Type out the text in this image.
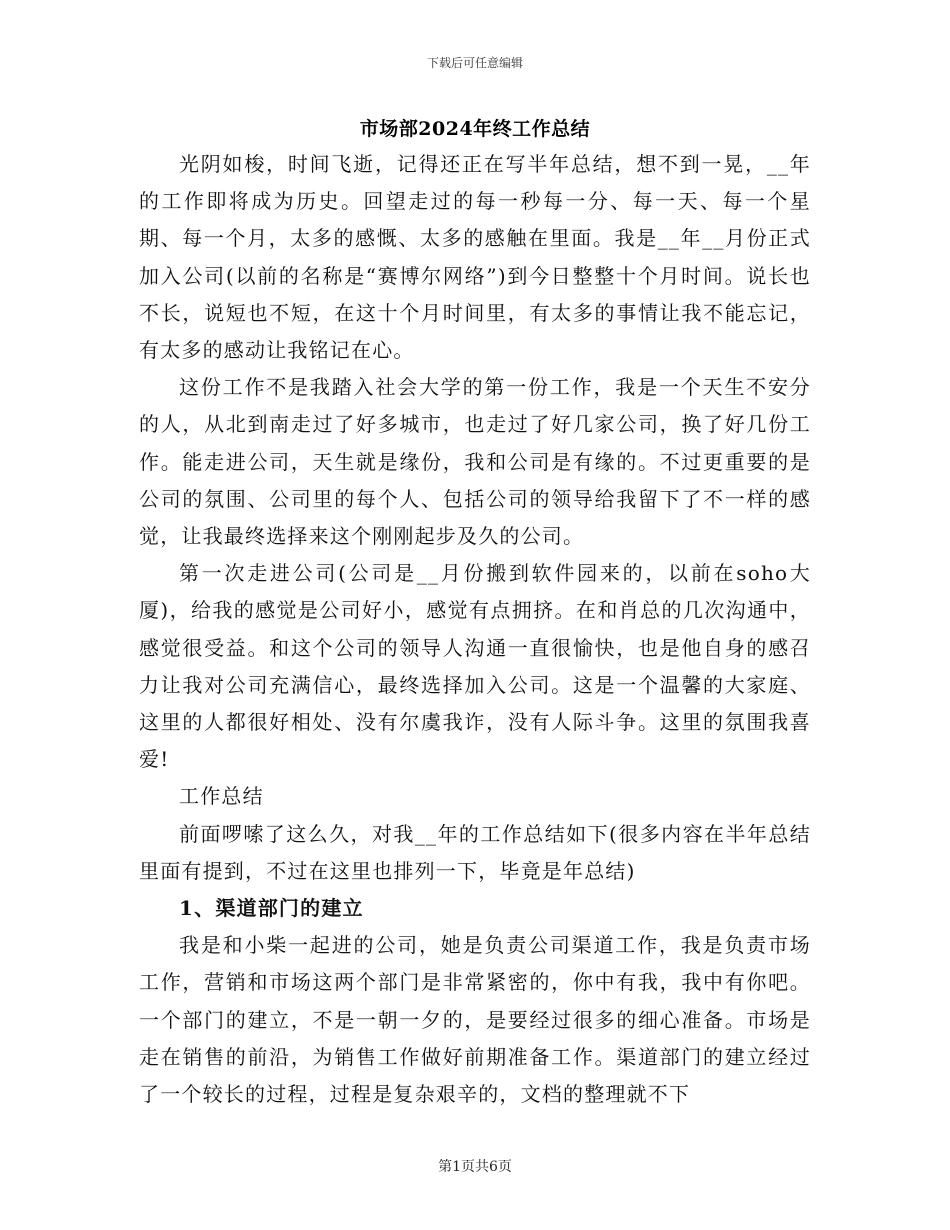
下载后可任意编辑
市场部2024年终工作总结

光阴如梭，时间飞逝，记得还正在写半年总结，想不到一晃，__年的工作即将成为历史。回望走过的每一秒每一分、每一天、每一个星期、每一个月，太多的感慨、太多的感触在里面。我是__年__月份正式加入公司(以前的名称是“赛博尔网络”)到今日整整十个月时间。说长也不长，说短也不短，在这十个月时间里，有太多的事情让我不能忘记，有太多的感动让我铭记在心。

这份工作不是我踏入社会大学的第一份工作，我是一个天生不安分的人，从北到南走过了好多城市，也走过了好几家公司，换了好几份工作。能走进公司，天生就是缘份，我和公司是有缘的。不过更重要的是公司的氛围、公司里的每个人、包括公司的领导给我留下了不一样的感觉，让我最终选择来这个刚刚起步及久的公司。

第一次走进公司(公司是__月份搬到软件园来的，以前在soho大厦)，给我的感觉是公司好小，感觉有点拥挤。在和肖总的几次沟通中，感觉很受益。和这个公司的领导人沟通一直很愉快，也是他自身的感召力让我对公司充满信心，最终选择加入公司。这是一个温馨的大家庭、这里的人都很好相处、没有尔虞我诈，没有人际斗争。这里的氛围我喜爱!

工作总结

前面啰嗦了这么久，对我__年的工作总结如下(很多内容在半年总结里面有提到，不过在这里也排列一下，毕竟是年总结)

1、渠道部门的建立

我是和小柴一起进的公司，她是负责公司渠道工作，我是负责市场工作，营销和市场这两个部门是非常紧密的，你中有我，我中有你吧。一个部门的建立，不是一朝一夕的，是要经过很多的细心准备。市场是走在销售的前沿，为销售工作做好前期准备工作。渠道部门的建立经过了一个较长的过程，过程是复杂艰辛的，文档的整理就不下

第1页共6页
